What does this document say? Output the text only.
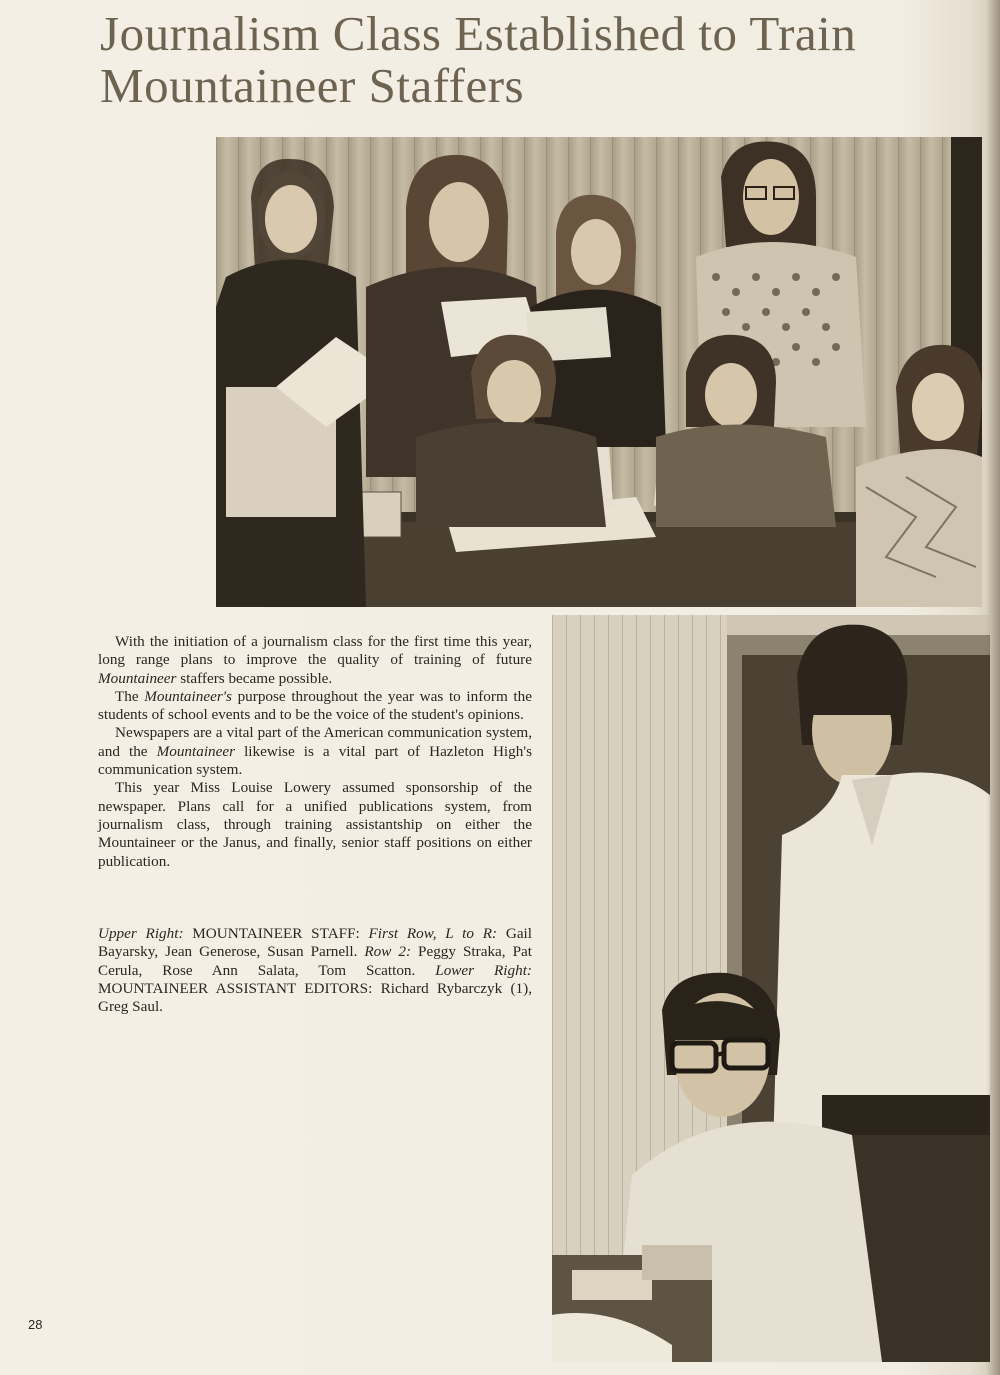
Journalism Class Established to Train
Mountaineer Staffers

With the initiation of a journalism class for the first time this year, long range plans to improve the quality of training of future Mountaineer staffers became possible.

The Mountaineer's purpose throughout the year was to inform the students of school events and to be the voice of the student's opinions.

Newspapers are a vital part of the American communication system, and the Mountaineer likewise is a vital part of Hazleton High's communication system.

This year Miss Louise Lowery assumed sponsorship of the newspaper. Plans call for a unified publications system, from journalism class, through training assistantship on either the Mountaineer or the Janus, and finally, senior staff positions on either publication.

Upper Right: MOUNTAINEER STAFF: First Row, L to R: Gail Bayarsky, Jean Generose, Susan Parnell. Row 2: Peggy Straka, Pat Cerula, Rose Ann Salata, Tom Scatton. Lower Right: MOUNTAINEER ASSISTANT EDITORS: Richard Rybarczyk (1), Greg Saul.

28
